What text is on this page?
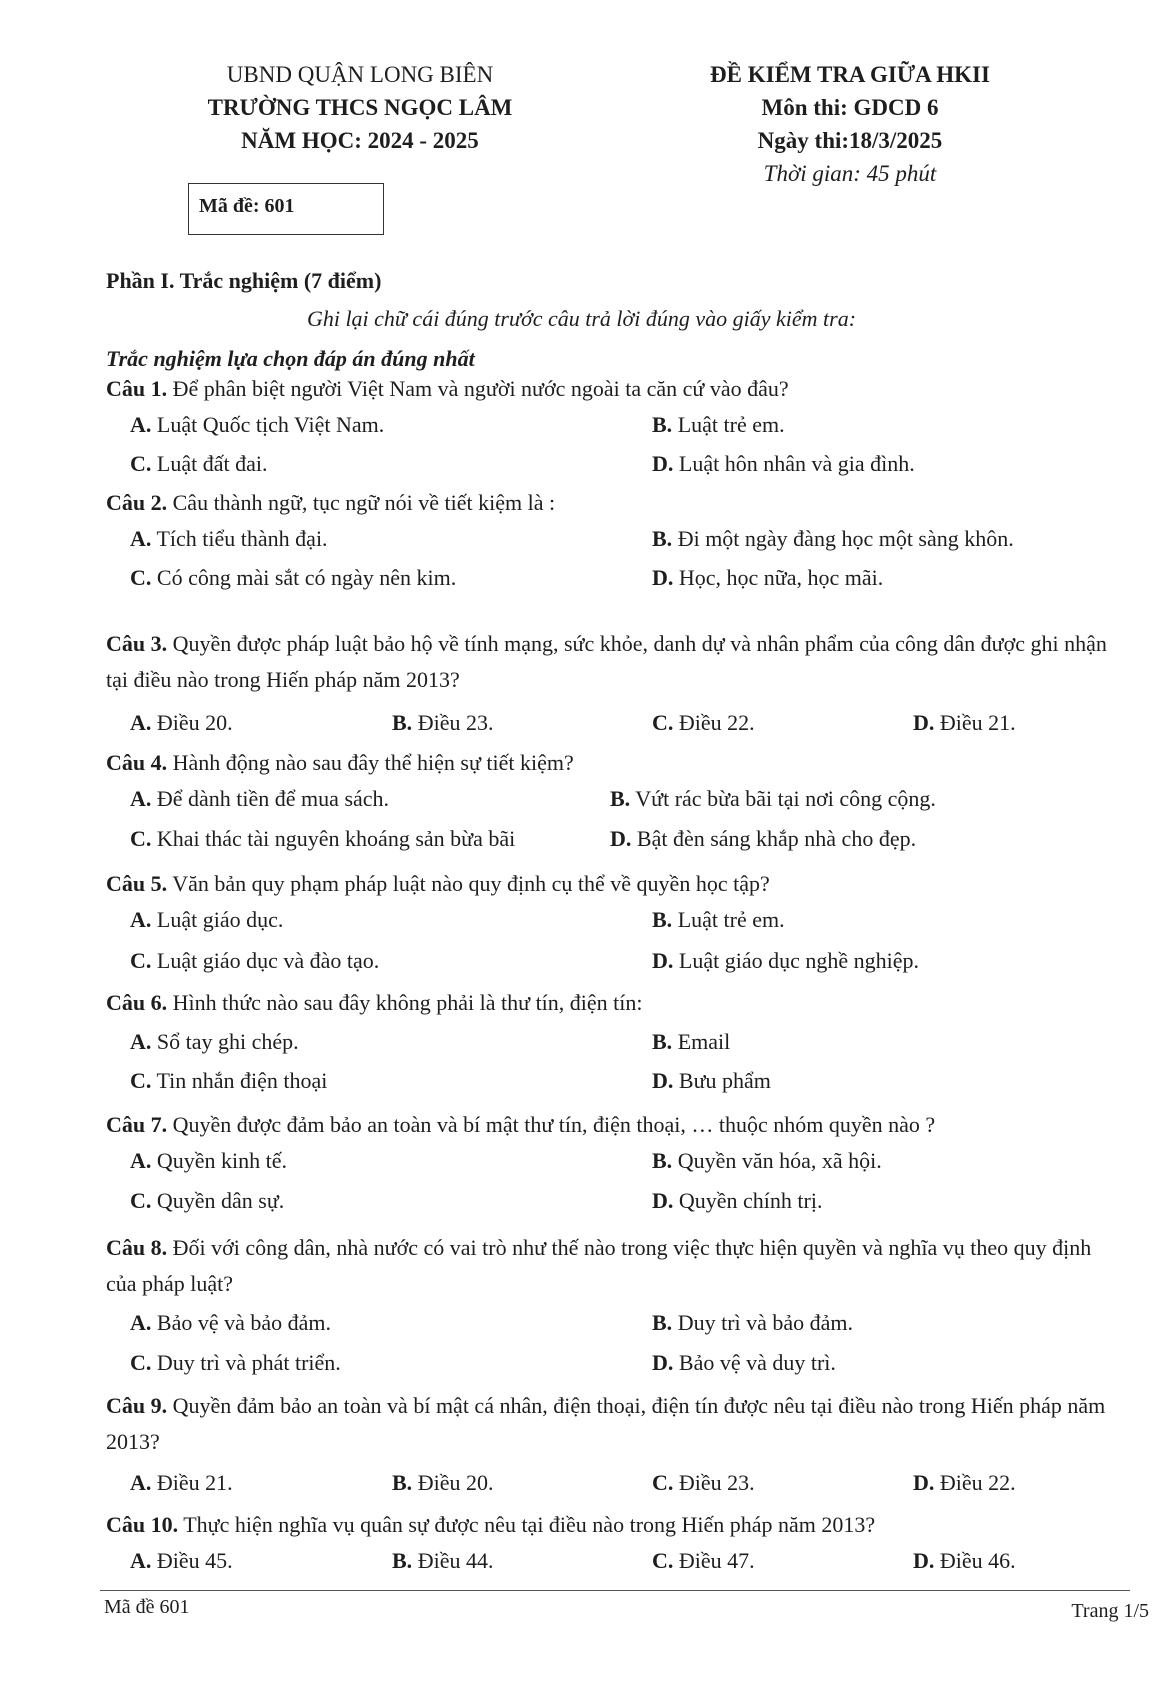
UBND QUẬN LONG BIÊN
TRƯỜNG THCS NGỌC LÂM
NĂM HỌC: 2024 - 2025
ĐỀ KIỂM TRA GIỮA HKII
Môn thi: GDCD 6
Ngày thi:18/3/2025
Thời gian: 45 phút
Mã đề: 601
Phần I. Trắc nghiệm (7 điểm)
Ghi lại chữ cái đúng trước câu trả lời đúng vào giấy kiểm tra:
Trắc nghiệm lựa chọn đáp án đúng nhất
Câu 1. Để phân biệt người Việt Nam và người nước ngoài ta căn cứ vào đâu?
A. Luật Quốc tịch Việt Nam.	B. Luật trẻ em.
C. Luật đất đai.	D. Luật hôn nhân và gia đình.
Câu 2. Câu thành ngữ, tục ngữ nói về tiết kiệm là :
A. Tích tiểu thành đại.	B. Đi một ngày đàng học một sàng khôn.
C. Có công mài sắt có ngày nên kim.	D. Học, học nữa, học mãi.
Câu 3. Quyền được pháp luật bảo hộ về tính mạng, sức khỏe, danh dự và nhân phẩm của công dân được ghi nhận tại điều nào trong Hiến pháp năm 2013?
A. Điều 20.	B. Điều 23.	C. Điều 22.	D. Điều 21.
Câu 4. Hành động nào sau đây thể hiện sự tiết kiệm?
A. Để dành tiền để mua sách.	B. Vứt rác bừa bãi tại nơi công cộng.
C. Khai thác tài nguyên khoáng sản bừa bãi	D. Bật đèn sáng khắp nhà cho đẹp.
Câu 5. Văn bản quy phạm pháp luật nào quy định cụ thể về quyền học tập?
A. Luật giáo dục.	B. Luật trẻ em.
C. Luật giáo dục và đào tạo.	D. Luật giáo dục nghề nghiệp.
Câu 6. Hình thức nào sau đây không phải là thư tín, điện tín:
A. Sổ tay ghi chép.	B. Email
C. Tin nhắn điện thoại	D. Bưu phẩm
Câu 7. Quyền được đảm bảo an toàn và bí mật thư tín, điện thoại, … thuộc nhóm quyền nào ?
A. Quyền kinh tế.	B. Quyền văn hóa, xã hội.
C. Quyền dân sự.	D. Quyền chính trị.
Câu 8. Đối với công dân, nhà nước có vai trò như thế nào trong việc thực hiện quyền và nghĩa vụ theo quy định của pháp luật?
A. Bảo vệ và bảo đảm.	B. Duy trì và bảo đảm.
C. Duy trì và phát triển.	D. Bảo vệ và duy trì.
Câu 9. Quyền đảm bảo an toàn và bí mật cá nhân, điện thoại, điện tín được nêu tại điều nào trong Hiến pháp năm 2013?
A. Điều 21.	B. Điều 20.	C. Điều 23.	D. Điều 22.
Câu 10. Thực hiện nghĩa vụ quân sự được nêu tại điều nào trong Hiến pháp năm 2013?
A. Điều 45.	B. Điều 44.	C. Điều 47.	D. Điều 46.
Mã đề 601	Trang 1/5
